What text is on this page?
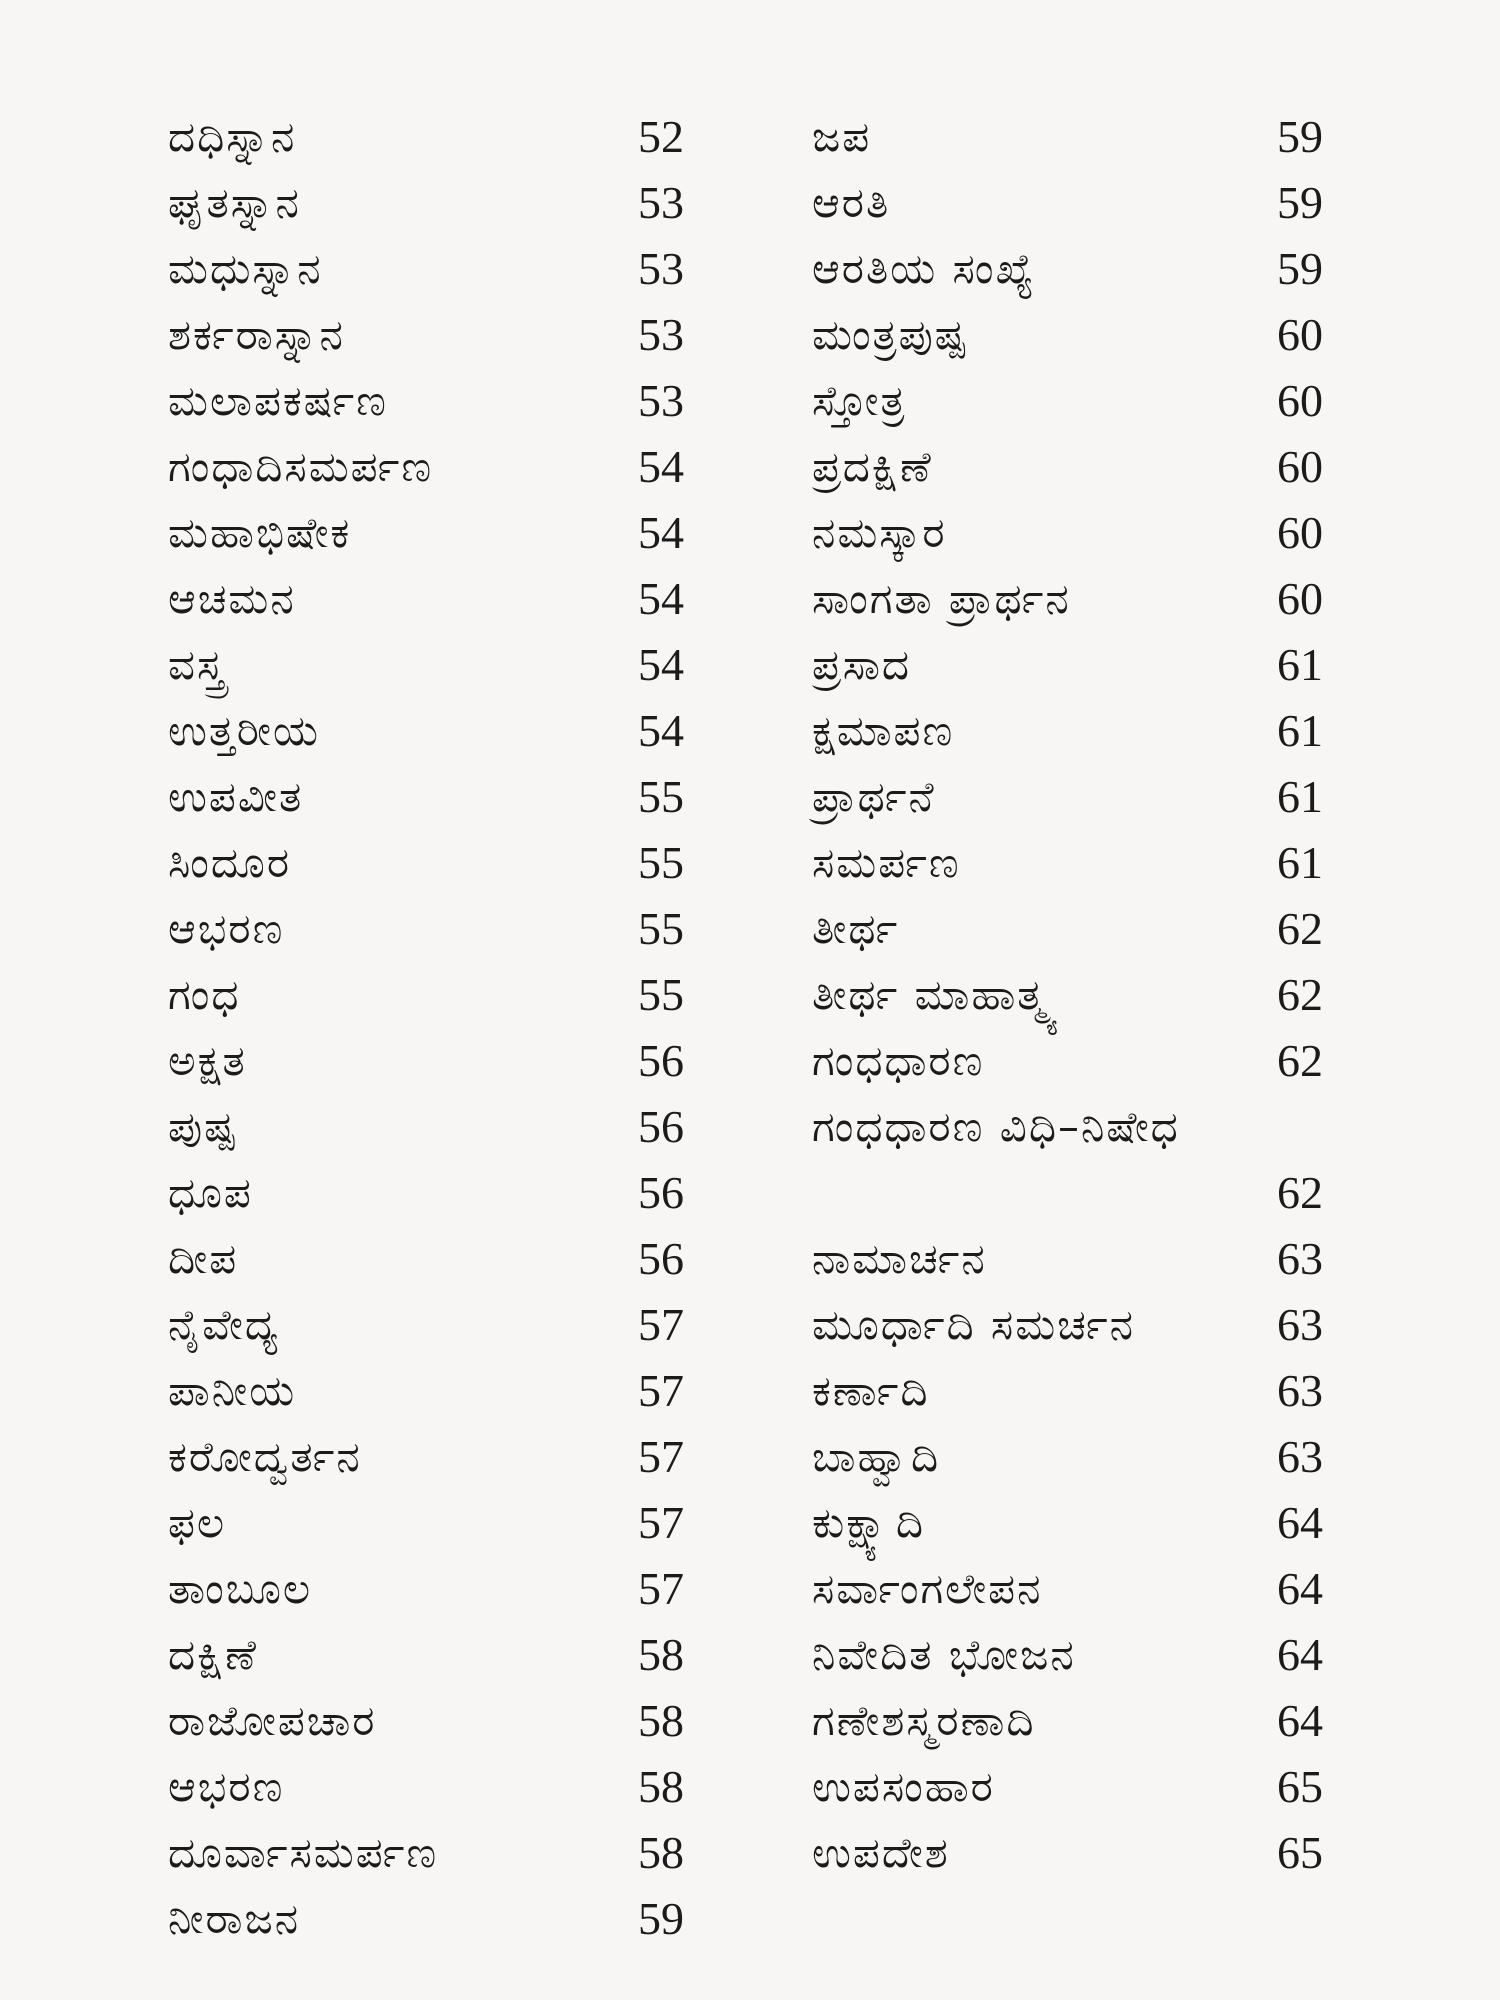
ದಧಿಸ್ನಾನ	52
ಘೃತಸ್ನಾನ	53
ಮಧುಸ್ನಾನ	53
ಶರ್ಕರಾಸ್ನಾನ	53
ಮಲಾಪಕರ್ಷಣ	53
ಗಂಧಾದಿಸಮರ್ಪಣ	54
ಮಹಾಭಿಷೇಕ	54
ಆಚಮನ	54
ವಸ್ತ್ರ	54
ಉತ್ತರೀಯ	54
ಉಪವೀತ	55
ಸಿಂದೂರ	55
ಆಭರಣ	55
ಗಂಧ	55
ಅಕ್ಷತ	56
ಪುಷ್ಪ	56
ಧೂಪ	56
ದೀಪ	56
ನೈವೇದ್ಯ	57
ಪಾನೀಯ	57
ಕರೋದ್ವರ್ತನ	57
ಫಲ	57
ತಾಂಬೂಲ	57
ದಕ್ಷಿಣೆ	58
ರಾಜೋಪಚಾರ	58
ಆಭರಣ	58
ದೂರ್ವಾಸಮರ್ಪಣ	58
ನೀರಾಜನ	59
ಜಪ	59
ಆರತಿ	59
ಆರತಿಯ ಸಂಖ್ಯೆ	59
ಮಂತ್ರಪುಷ್ಪ	60
ಸ್ತೋತ್ರ	60
ಪ್ರದಕ್ಷಿಣೆ	60
ನಮಸ್ಕಾರ	60
ಸಾಂಗತಾ ಪ್ರಾರ್ಥನ	60
ಪ್ರಸಾದ	61
ಕ್ಷಮಾಪಣ	61
ಪ್ರಾರ್ಥನೆ	61
ಸಮರ್ಪಣ	61
ತೀರ್ಥ	62
ತೀರ್ಥ ಮಾಹಾತ್ಮ್ಯ	62
ಗಂಧಧಾರಣ	62
ಗಂಧಧಾರಣ ವಿಧಿ–ನಿಷೇಧ
62
ನಾಮಾರ್ಚನ	63
ಮೂರ್ಧಾದಿ ಸಮರ್ಚನ	63
ಕರ್ಣಾದಿ	63
ಬಾಹ್ವಾದಿ	63
ಕುಕ್ಷ್ಯಾದಿ	64
ಸರ್ವಾಂಗಲೇಪನ	64
ನಿವೇದಿತ ಭೋಜನ	64
ಗಣೇಶಸ್ಮರಣಾದಿ	64
ಉಪಸಂಹಾರ	65
ಉಪದೇಶ	65
